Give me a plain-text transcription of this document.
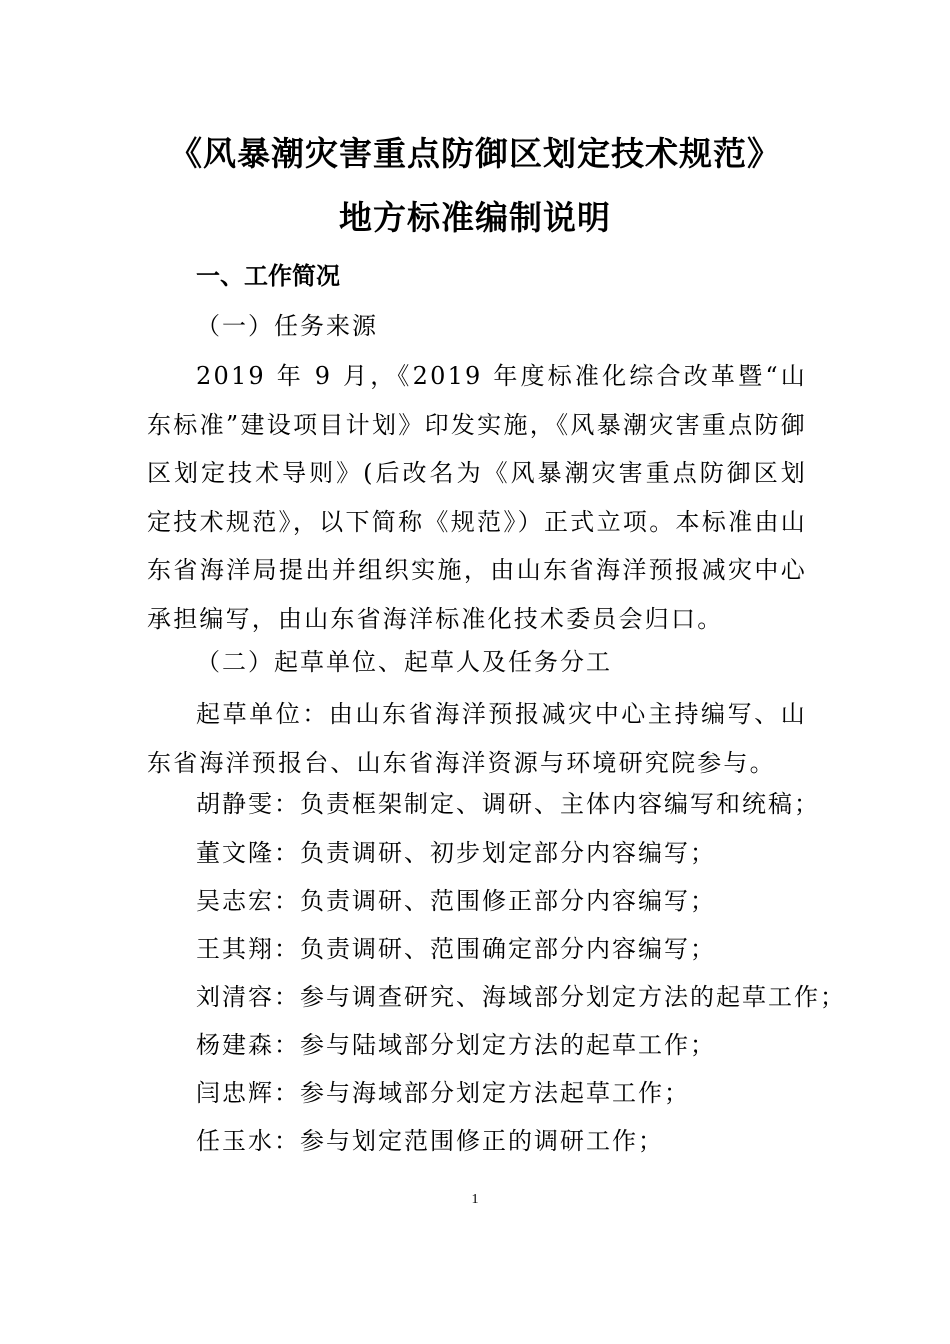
《风暴潮灾害重点防御区划定技术规范》
地方标准编制说明
一、工作简况
（一）任务来源

2019 年 9 月，《2019 年度标准化综合改革暨“山东标准”建设项目计划》印发实施，《风暴潮灾害重点防御区划定技术导则》(后改名为《风暴潮灾害重点防御区划定技术规范》，以下简称《规范》）正式立项。本标准由山东省海洋局提出并组织实施，由山东省海洋预报减灾中心承担编写，由山东省海洋标准化技术委员会归口。

（二）起草单位、起草人及任务分工

起草单位：由山东省海洋预报减灾中心主持编写、山东省海洋预报台、山东省海洋资源与环境研究院参与。

胡静雯：负责框架制定、调研、主体内容编写和统稿；
董文隆：负责调研、初步划定部分内容编写；
吴志宏：负责调研、范围修正部分内容编写；
王其翔：负责调研、范围确定部分内容编写；
刘清容：参与调查研究、海域部分划定方法的起草工作；
杨建森：参与陆域部分划定方法的起草工作；
闫忠辉：参与海域部分划定方法起草工作；
任玉水：参与划定范围修正的调研工作；
1
